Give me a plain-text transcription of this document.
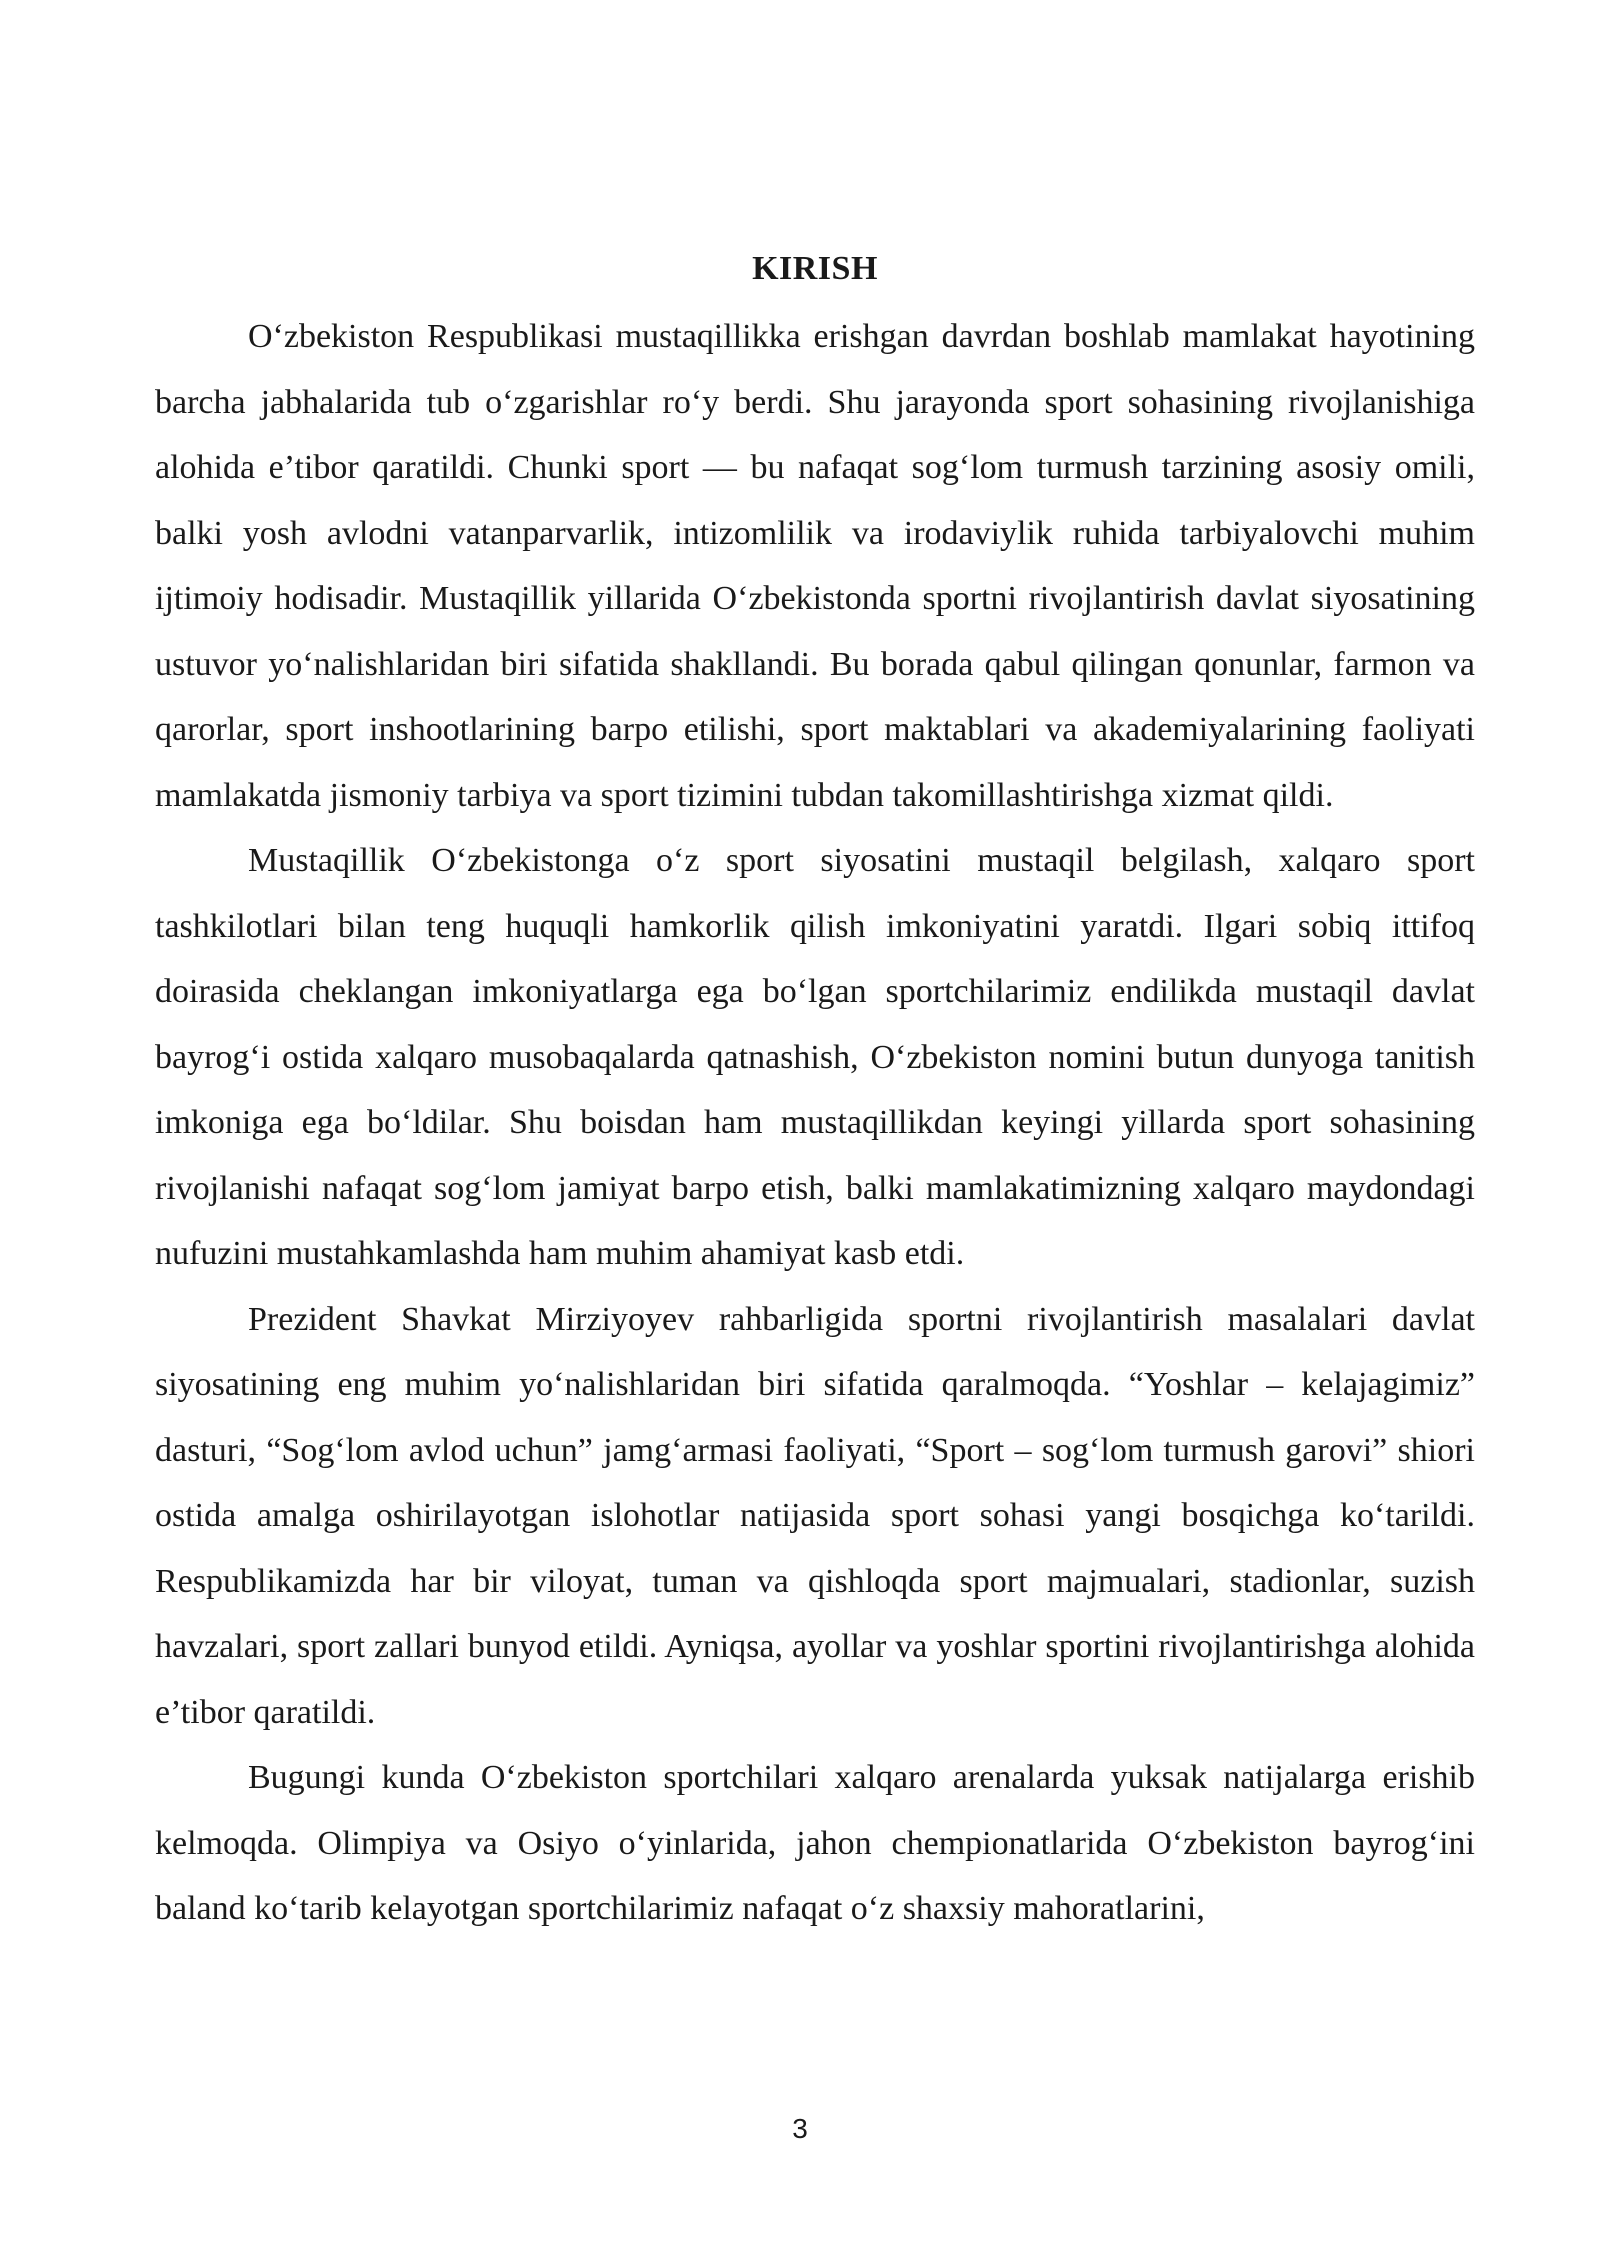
KIRISH

O‘zbekiston Respublikasi mustaqillikka erishgan davrdan boshlab mamlakat hayotining barcha jabhalarida tub o‘zgarishlar ro‘y berdi. Shu jarayonda sport sohasining rivojlanishiga alohida e’tibor qaratildi. Chunki sport — bu nafaqat sog‘lom turmush tarzining asosiy omili, balki yosh avlodni vatanparvarlik, intizomlilik va irodaviylik ruhida tarbiyalovchi muhim ijtimoiy hodisadir. Mustaqillik yillarida O‘zbekistonda sportni rivojlantirish davlat siyosatining ustuvor yo‘nalishlaridan biri sifatida shakllandi. Bu borada qabul qilingan qonunlar, farmon va qarorlar, sport inshootlarining barpo etilishi, sport maktablari va akademiyalarining faoliyati mamlakatda jismoniy tarbiya va sport tizimini tubdan takomillashtirishga xizmat qildi.

Mustaqillik O‘zbekistonga o‘z sport siyosatini mustaqil belgilash, xalqaro sport tashkilotlari bilan teng huquqli hamkorlik qilish imkoniyatini yaratdi. Ilgari sobiq ittifoq doirasida cheklangan imkoniyatlarga ega bo‘lgan sportchilarimiz endilikda mustaqil davlat bayrog‘i ostida xalqaro musobaqalarda qatnashish, O‘zbekiston nomini butun dunyoga tanitish imkoniga ega bo‘ldilar. Shu boisdan ham mustaqillikdan keyingi yillarda sport sohasining rivojlanishi nafaqat sog‘lom jamiyat barpo etish, balki mamlakatimizning xalqaro maydondagi nufuzini mustahkamlashda ham muhim ahamiyat kasb etdi.

Prezident Shavkat Mirziyoyev rahbarligida sportni rivojlantirish masalalari davlat siyosatining eng muhim yo‘nalishlaridan biri sifatida qaralmoqda. “Yoshlar – kelajagimiz” dasturi, “Sog‘lom avlod uchun” jamg‘armasi faoliyati, “Sport – sog‘lom turmush garovi” shiori ostida amalga oshirilayotgan islohotlar natijasida sport sohasi yangi bosqichga ko‘tarildi. Respublikamizda har bir viloyat, tuman va qishloqda sport majmualari, stadionlar, suzish havzalari, sport zallari bunyod etildi. Ayniqsa, ayollar va yoshlar sportini rivojlantirishga alohida e’tibor qaratildi.

Bugungi kunda O‘zbekiston sportchilari xalqaro arenalarda yuksak natijalarga erishib kelmoqda. Olimpiya va Osiyo o‘yinlarida, jahon chempionatlarida O‘zbekiston bayrog‘ini baland ko‘tarib kelayotgan sportchilarimiz nafaqat o‘z shaxsiy mahoratlarini,

3
